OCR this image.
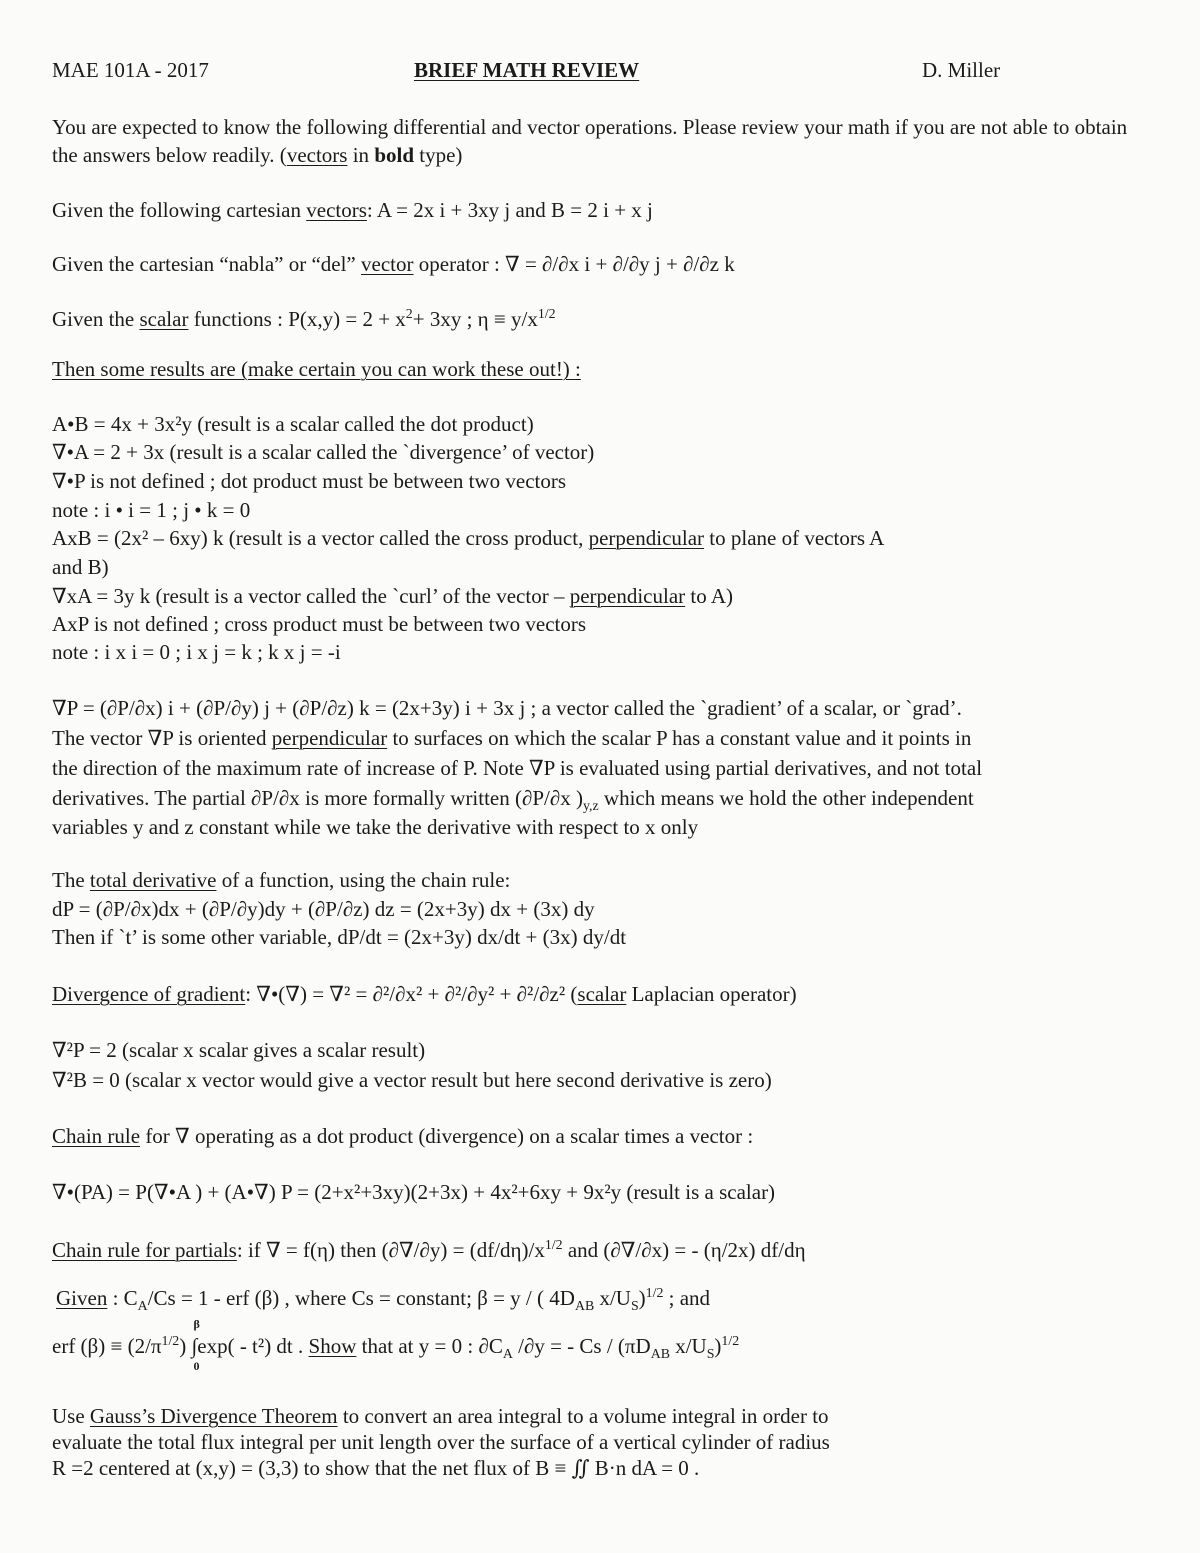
MAE 101A - 2017	BRIEF MATH REVIEW	D. Miller
You are expected to know the following differential and vector operations. Please review your math if you are not able to obtain the answers below readily. (vectors in bold type)
Given the following cartesian vectors: A = 2x i + 3xy j and B = 2 i + x j
Given the cartesian “nabla” or “del” vector operator : ∇ = ∂/∂x i + ∂/∂y j + ∂/∂z k
Given the scalar functions : $P(x,y) = 2 + x^2+ 3xy$ ; $\eta \equiv y/x^{1/2}$
Then some results are (make certain you can work these out!) :
A•B = 4x + 3x²y (result is a scalar called the dot product)
∇•A = 2 + 3x (result is a scalar called the `divergence’ of vector)
∇•P is not defined ; dot product must be between two vectors
note : i • i = 1 ; j • k = 0
AxB = (2x² – 6xy) k (result is a vector called the cross product, perpendicular to plane of vectors A
and B)
∇xA = 3y k (result is a vector called the `curl’ of the vector – perpendicular to A)
AxP is not defined ; cross product must be between two vectors
note : i x i = 0 ; i x j = k ; k x j = -i
∇P = (∂P/∂x) i + (∂P/∂y) j + (∂P/∂z) k = (2x+3y) i + 3x j ; a vector called the `gradient’ of a scalar, or `grad’.
The vector ∇P is oriented perpendicular to surfaces on which the scalar P has a constant value and it points in
the direction of the maximum rate of increase of P. Note ∇P is evaluated using partial derivatives, and not total
derivatives. The partial ∂P/∂x is more formally written (∂P/∂x )$_{y,z}$ which means we hold the other independent
variables y and z constant while we take the derivative with respect to x only
The total derivative of a function, using the chain rule:
dP = (∂P/∂x)dx + (∂P/∂y)dy + (∂P/∂z) dz = (2x+3y) dx + (3x) dy
Then if `t’ is some other variable, dP/dt = (2x+3y) dx/dt + (3x) dy/dt
Divergence of gradient: ∇•(∇) = ∇² = ∂²/∂x² + ∂²/∂y² + ∂²/∂z² (scalar Laplacian operator)
∇²P = 2 (scalar x scalar gives a scalar result)
∇²B = 0 (scalar x vector would give a vector result but here second derivative is zero)
Chain rule for ∇ operating as a dot product (divergence) on a scalar times a vector :
∇•(PA) = P(∇•A ) + (A•∇) P = (2+x²+3xy)(2+3x) + 4x²+6xy + 9x²y (result is a scalar)
Chain rule for partials: if ∇ = f(η) then $(\partial\nabla/\partial y) = (df/d\eta)/x^{1/2}$ and (∂∇/∂x) = - (η/2x) df/dη
Given : $C_A/Cs = 1$ - erf (β) , where Cs = constant; β = y / ( $4D_{AB}$ $x/U_S)^{1/2}$ ; and
erf $(\beta) \equiv (2/\pi^{1/2})$
β
∫
0
exp( - t²) dt . Show that at y = 0 : $\partial C_A$ /∂y = - Cs / ($\pi D_{AB}$ $x/U_S)^{1/2}$
Use Gauss’s Divergence Theorem to convert an area integral to a volume integral in order to
evaluate the total flux integral per unit length over the surface of a vertical cylinder of radius
R =2 centered at (x,y) = (3,3) to show that the net flux of B ≡ ∬ B·n dA = 0 .
